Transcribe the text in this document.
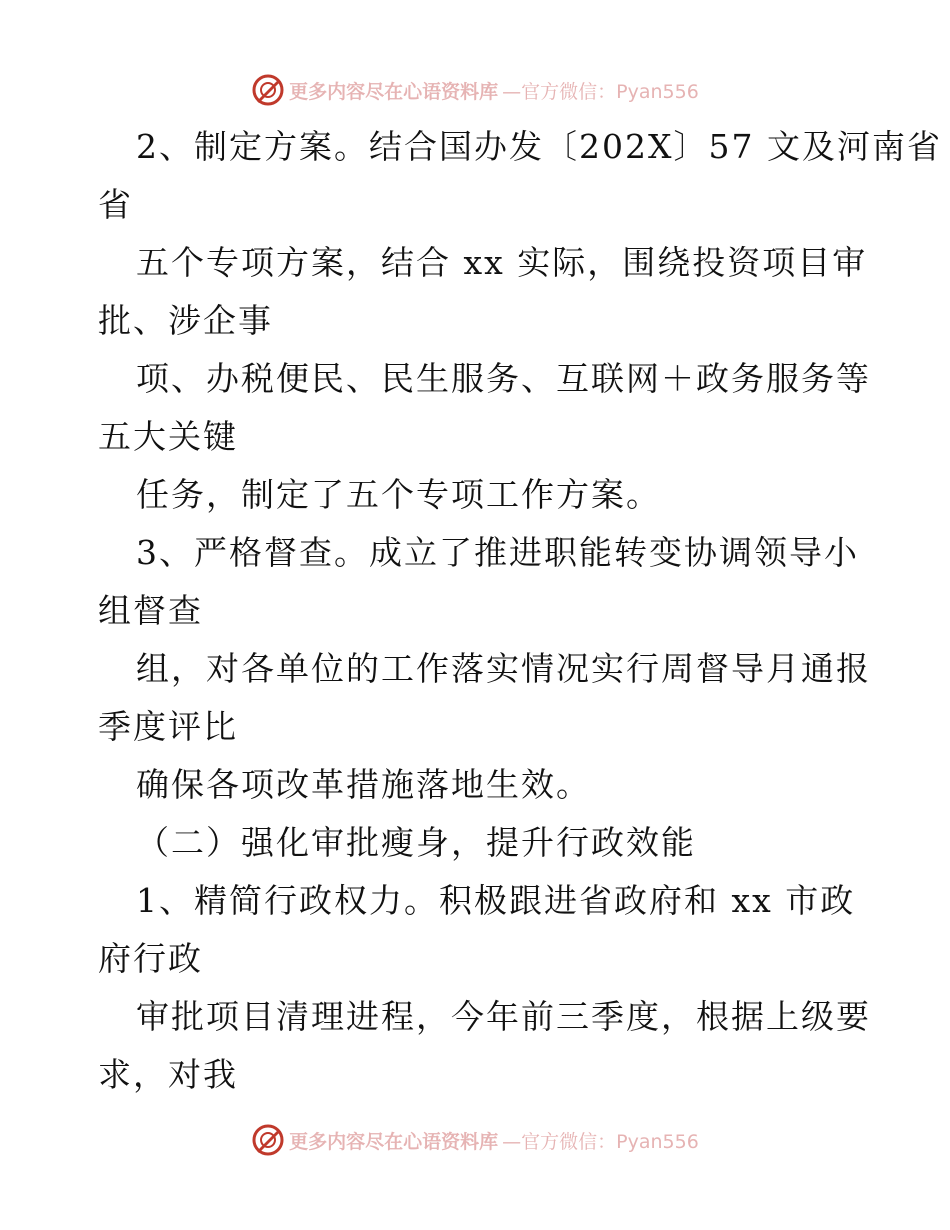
更多内容尽在心语资料库 —官方微信：Pyan556
2、制定方案。结合国办发〔202X〕57 文及河南省
省
五个专项方案，结合 xx 实际，围绕投资项目审
批、涉企事
项、办税便民、民生服务、互联网＋政务服务等
五大关键
任务，制定了五个专项工作方案。
3、严格督查。成立了推进职能转变协调领导小
组督查
组，对各单位的工作落实情况实行周督导月通报
季度评比
确保各项改革措施落地生效。
（二）强化审批瘦身，提升行政效能
1、精简行政权力。积极跟进省政府和 xx 市政
府行政
审批项目清理进程，今年前三季度，根据上级要
求，对我
更多内容尽在心语资料库 —官方微信：Pyan556
